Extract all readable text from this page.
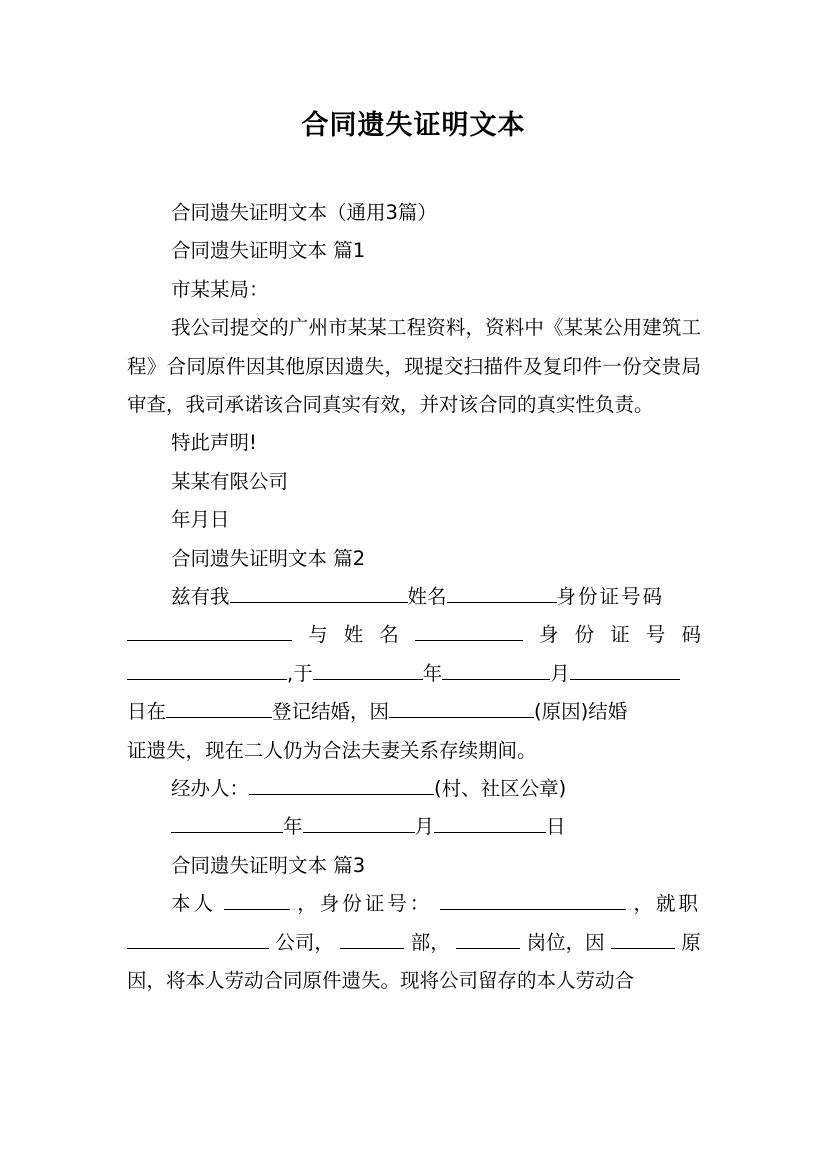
合同遗失证明文本
合同遗失证明文本（通用3篇）
合同遗失证明文本 篇1
市某某局：
我公司提交的广州市某某工程资料，资料中《某某公用建筑工程》合同原件因其他原因遗失，现提交扫描件及复印件一份交贵局审查，我司承诺该合同真实有效，并对该合同的真实性负责。
特此声明!
某某有限公司
年月日
合同遗失证明文本 篇2
兹有我	姓名	身份证号码
与 姓 名	身 份 证 号 码
,于	年	月
日在	登记结婚，因	(原因)结婚
证遗失，现在二人仍为合法夫妻关系存续期间。
经办人：	(村、社区公章)
年	月	日
合同遗失证明文本 篇3
本人	，身份证号：	，就职
公司，	部，	岗位，因	原
因，将本人劳动合同原件遗失。现将公司留存的本人劳动合
